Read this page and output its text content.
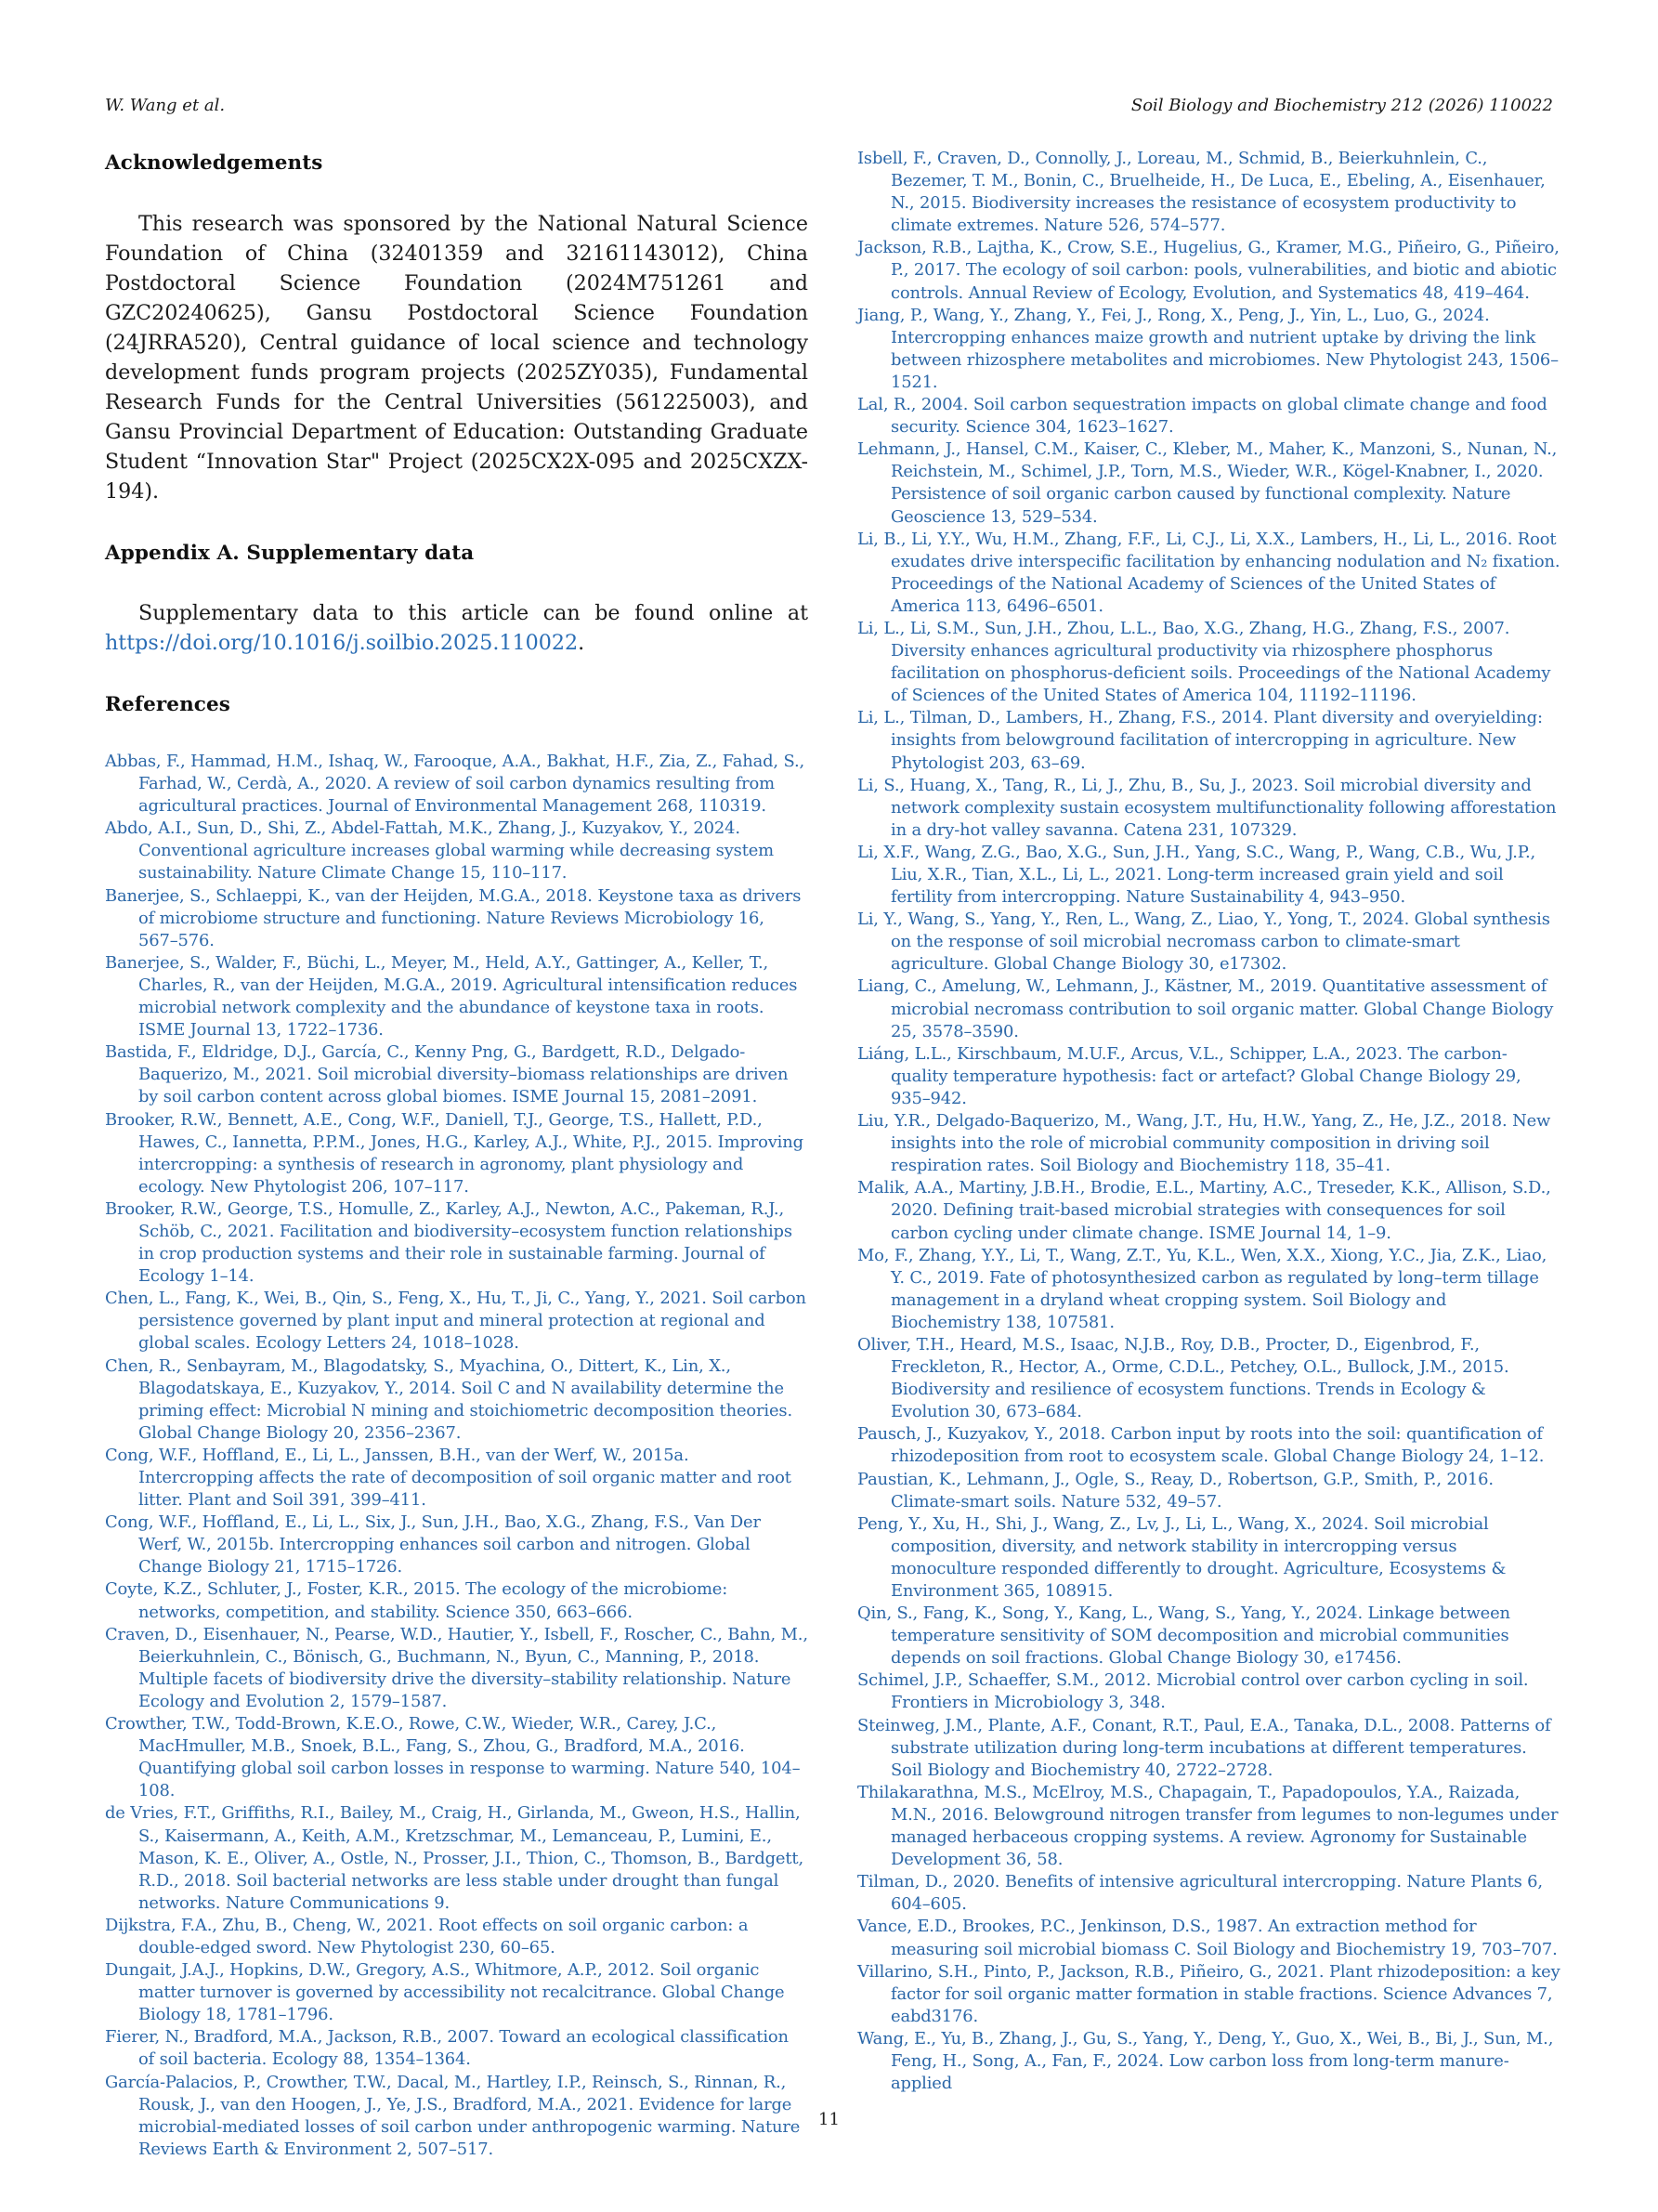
W. Wang et al.	Soil Biology and Biochemistry 212 (2026) 110022
Acknowledgements

This research was sponsored by the National Natural Science Foundation of China (32401359 and 32161143012), China Postdoctoral Science Foundation (2024M751261 and GZC20240625), Gansu Postdoctoral Science Foundation (24JRRA520), Central guidance of local science and technology development funds program projects (2025ZY035), Fundamental Research Funds for the Central Universities (561225003), and Gansu Provincial Department of Education: Outstanding Graduate Student “Innovation Star" Project (2025CX2X-095 and 2025CXZX-194).

Appendix A. Supplementary data

Supplementary data to this article can be found online at https://doi.org/10.1016/j.soilbio.2025.110022.

References

Abbas, F., Hammad, H.M., Ishaq, W., Farooque, A.A., Bakhat, H.F., Zia, Z., Fahad, S., Farhad, W., Cerdà, A., 2020. A review of soil carbon dynamics resulting from agricultural practices. Journal of Environmental Management 268, 110319.

Abdo, A.I., Sun, D., Shi, Z., Abdel-Fattah, M.K., Zhang, J., Kuzyakov, Y., 2024. Conventional agriculture increases global warming while decreasing system sustainability. Nature Climate Change 15, 110–117.

Banerjee, S., Schlaeppi, K., van der Heijden, M.G.A., 2018. Keystone taxa as drivers of microbiome structure and functioning. Nature Reviews Microbiology 16, 567–576.

Banerjee, S., Walder, F., Büchi, L., Meyer, M., Held, A.Y., Gattinger, A., Keller, T., Charles, R., van der Heijden, M.G.A., 2019. Agricultural intensification reduces microbial network complexity and the abundance of keystone taxa in roots. ISME Journal 13, 1722–1736.

Bastida, F., Eldridge, D.J., García, C., Kenny Png, G., Bardgett, R.D., Delgado-Baquerizo, M., 2021. Soil microbial diversity–biomass relationships are driven by soil carbon content across global biomes. ISME Journal 15, 2081–2091.

Brooker, R.W., Bennett, A.E., Cong, W.F., Daniell, T.J., George, T.S., Hallett, P.D., Hawes, C., Iannetta, P.P.M., Jones, H.G., Karley, A.J., White, P.J., 2015. Improving intercropping: a synthesis of research in agronomy, plant physiology and ecology. New Phytologist 206, 107–117.

Brooker, R.W., George, T.S., Homulle, Z., Karley, A.J., Newton, A.C., Pakeman, R.J., Schöb, C., 2021. Facilitation and biodiversity–ecosystem function relationships in crop production systems and their role in sustainable farming. Journal of Ecology 1–14.

Chen, L., Fang, K., Wei, B., Qin, S., Feng, X., Hu, T., Ji, C., Yang, Y., 2021. Soil carbon persistence governed by plant input and mineral protection at regional and global scales. Ecology Letters 24, 1018–1028.

Chen, R., Senbayram, M., Blagodatsky, S., Myachina, O., Dittert, K., Lin, X., Blagodatskaya, E., Kuzyakov, Y., 2014. Soil C and N availability determine the priming effect: Microbial N mining and stoichiometric decomposition theories. Global Change Biology 20, 2356–2367.

Cong, W.F., Hoffland, E., Li, L., Janssen, B.H., van der Werf, W., 2015a. Intercropping affects the rate of decomposition of soil organic matter and root litter. Plant and Soil 391, 399–411.

Cong, W.F., Hoffland, E., Li, L., Six, J., Sun, J.H., Bao, X.G., Zhang, F.S., Van Der Werf, W., 2015b. Intercropping enhances soil carbon and nitrogen. Global Change Biology 21, 1715–1726.

Coyte, K.Z., Schluter, J., Foster, K.R., 2015. The ecology of the microbiome: networks, competition, and stability. Science 350, 663–666.

Craven, D., Eisenhauer, N., Pearse, W.D., Hautier, Y., Isbell, F., Roscher, C., Bahn, M., Beierkuhnlein, C., Bönisch, G., Buchmann, N., Byun, C., Manning, P., 2018. Multiple facets of biodiversity drive the diversity–stability relationship. Nature Ecology and Evolution 2, 1579–1587.

Crowther, T.W., Todd-Brown, K.E.O., Rowe, C.W., Wieder, W.R., Carey, J.C., MacHmuller, M.B., Snoek, B.L., Fang, S., Zhou, G., Bradford, M.A., 2016. Quantifying global soil carbon losses in response to warming. Nature 540, 104–108.

de Vries, F.T., Griffiths, R.I., Bailey, M., Craig, H., Girlanda, M., Gweon, H.S., Hallin, S., Kaisermann, A., Keith, A.M., Kretzschmar, M., Lemanceau, P., Lumini, E., Mason, K. E., Oliver, A., Ostle, N., Prosser, J.I., Thion, C., Thomson, B., Bardgett, R.D., 2018. Soil bacterial networks are less stable under drought than fungal networks. Nature Communications 9.

Dijkstra, F.A., Zhu, B., Cheng, W., 2021. Root effects on soil organic carbon: a double-edged sword. New Phytologist 230, 60–65.

Dungait, J.A.J., Hopkins, D.W., Gregory, A.S., Whitmore, A.P., 2012. Soil organic matter turnover is governed by accessibility not recalcitrance. Global Change Biology 18, 1781–1796.

Fierer, N., Bradford, M.A., Jackson, R.B., 2007. Toward an ecological classification of soil bacteria. Ecology 88, 1354–1364.

García-Palacios, P., Crowther, T.W., Dacal, M., Hartley, I.P., Reinsch, S., Rinnan, R., Rousk, J., van den Hoogen, J., Ye, J.S., Bradford, M.A., 2021. Evidence for large microbial-mediated losses of soil carbon under anthropogenic warming. Nature Reviews Earth & Environment 2, 507–517.

Isbell, F., Craven, D., Connolly, J., Loreau, M., Schmid, B., Beierkuhnlein, C., Bezemer, T. M., Bonin, C., Bruelheide, H., De Luca, E., Ebeling, A., Eisenhauer, N., 2015. Biodiversity increases the resistance of ecosystem productivity to climate extremes. Nature 526, 574–577.

Jackson, R.B., Lajtha, K., Crow, S.E., Hugelius, G., Kramer, M.G., Piñeiro, G., Piñeiro, P., 2017. The ecology of soil carbon: pools, vulnerabilities, and biotic and abiotic controls. Annual Review of Ecology, Evolution, and Systematics 48, 419–464.

Jiang, P., Wang, Y., Zhang, Y., Fei, J., Rong, X., Peng, J., Yin, L., Luo, G., 2024. Intercropping enhances maize growth and nutrient uptake by driving the link between rhizosphere metabolites and microbiomes. New Phytologist 243, 1506–1521.

Lal, R., 2004. Soil carbon sequestration impacts on global climate change and food security. Science 304, 1623–1627.

Lehmann, J., Hansel, C.M., Kaiser, C., Kleber, M., Maher, K., Manzoni, S., Nunan, N., Reichstein, M., Schimel, J.P., Torn, M.S., Wieder, W.R., Kögel-Knabner, I., 2020. Persistence of soil organic carbon caused by functional complexity. Nature Geoscience 13, 529–534.

Li, B., Li, Y.Y., Wu, H.M., Zhang, F.F., Li, C.J., Li, X.X., Lambers, H., Li, L., 2016. Root exudates drive interspecific facilitation by enhancing nodulation and N₂ fixation. Proceedings of the National Academy of Sciences of the United States of America 113, 6496–6501.

Li, L., Li, S.M., Sun, J.H., Zhou, L.L., Bao, X.G., Zhang, H.G., Zhang, F.S., 2007. Diversity enhances agricultural productivity via rhizosphere phosphorus facilitation on phosphorus-deficient soils. Proceedings of the National Academy of Sciences of the United States of America 104, 11192–11196.

Li, L., Tilman, D., Lambers, H., Zhang, F.S., 2014. Plant diversity and overyielding: insights from belowground facilitation of intercropping in agriculture. New Phytologist 203, 63–69.

Li, S., Huang, X., Tang, R., Li, J., Zhu, B., Su, J., 2023. Soil microbial diversity and network complexity sustain ecosystem multifunctionality following afforestation in a dry-hot valley savanna. Catena 231, 107329.

Li, X.F., Wang, Z.G., Bao, X.G., Sun, J.H., Yang, S.C., Wang, P., Wang, C.B., Wu, J.P., Liu, X.R., Tian, X.L., Li, L., 2021. Long-term increased grain yield and soil fertility from intercropping. Nature Sustainability 4, 943–950.

Li, Y., Wang, S., Yang, Y., Ren, L., Wang, Z., Liao, Y., Yong, T., 2024. Global synthesis on the response of soil microbial necromass carbon to climate-smart agriculture. Global Change Biology 30, e17302.

Liang, C., Amelung, W., Lehmann, J., Kästner, M., 2019. Quantitative assessment of microbial necromass contribution to soil organic matter. Global Change Biology 25, 3578–3590.

Liáng, L.L., Kirschbaum, M.U.F., Arcus, V.L., Schipper, L.A., 2023. The carbon-quality temperature hypothesis: fact or artefact? Global Change Biology 29, 935–942.

Liu, Y.R., Delgado-Baquerizo, M., Wang, J.T., Hu, H.W., Yang, Z., He, J.Z., 2018. New insights into the role of microbial community composition in driving soil respiration rates. Soil Biology and Biochemistry 118, 35–41.

Malik, A.A., Martiny, J.B.H., Brodie, E.L., Martiny, A.C., Treseder, K.K., Allison, S.D., 2020. Defining trait-based microbial strategies with consequences for soil carbon cycling under climate change. ISME Journal 14, 1–9.

Mo, F., Zhang, Y.Y., Li, T., Wang, Z.T., Yu, K.L., Wen, X.X., Xiong, Y.C., Jia, Z.K., Liao, Y. C., 2019. Fate of photosynthesized carbon as regulated by long–term tillage management in a dryland wheat cropping system. Soil Biology and Biochemistry 138, 107581.

Oliver, T.H., Heard, M.S., Isaac, N.J.B., Roy, D.B., Procter, D., Eigenbrod, F., Freckleton, R., Hector, A., Orme, C.D.L., Petchey, O.L., Bullock, J.M., 2015. Biodiversity and resilience of ecosystem functions. Trends in Ecology & Evolution 30, 673–684.

Pausch, J., Kuzyakov, Y., 2018. Carbon input by roots into the soil: quantification of rhizodeposition from root to ecosystem scale. Global Change Biology 24, 1–12.

Paustian, K., Lehmann, J., Ogle, S., Reay, D., Robertson, G.P., Smith, P., 2016. Climate-smart soils. Nature 532, 49–57.

Peng, Y., Xu, H., Shi, J., Wang, Z., Lv, J., Li, L., Wang, X., 2024. Soil microbial composition, diversity, and network stability in intercropping versus monoculture responded differently to drought. Agriculture, Ecosystems & Environment 365, 108915.

Qin, S., Fang, K., Song, Y., Kang, L., Wang, S., Yang, Y., 2024. Linkage between temperature sensitivity of SOM decomposition and microbial communities depends on soil fractions. Global Change Biology 30, e17456.

Schimel, J.P., Schaeffer, S.M., 2012. Microbial control over carbon cycling in soil. Frontiers in Microbiology 3, 348.

Steinweg, J.M., Plante, A.F., Conant, R.T., Paul, E.A., Tanaka, D.L., 2008. Patterns of substrate utilization during long-term incubations at different temperatures. Soil Biology and Biochemistry 40, 2722–2728.

Thilakarathna, M.S., McElroy, M.S., Chapagain, T., Papadopoulos, Y.A., Raizada, M.N., 2016. Belowground nitrogen transfer from legumes to non-legumes under managed herbaceous cropping systems. A review. Agronomy for Sustainable Development 36, 58.

Tilman, D., 2020. Benefits of intensive agricultural intercropping. Nature Plants 6, 604–605.

Vance, E.D., Brookes, P.C., Jenkinson, D.S., 1987. An extraction method for measuring soil microbial biomass C. Soil Biology and Biochemistry 19, 703–707.

Villarino, S.H., Pinto, P., Jackson, R.B., Piñeiro, G., 2021. Plant rhizodeposition: a key factor for soil organic matter formation in stable fractions. Science Advances 7, eabd3176.

Wang, E., Yu, B., Zhang, J., Gu, S., Yang, Y., Deng, Y., Guo, X., Wei, B., Bi, J., Sun, M., Feng, H., Song, A., Fan, F., 2024. Low carbon loss from long-term manure-applied

11
